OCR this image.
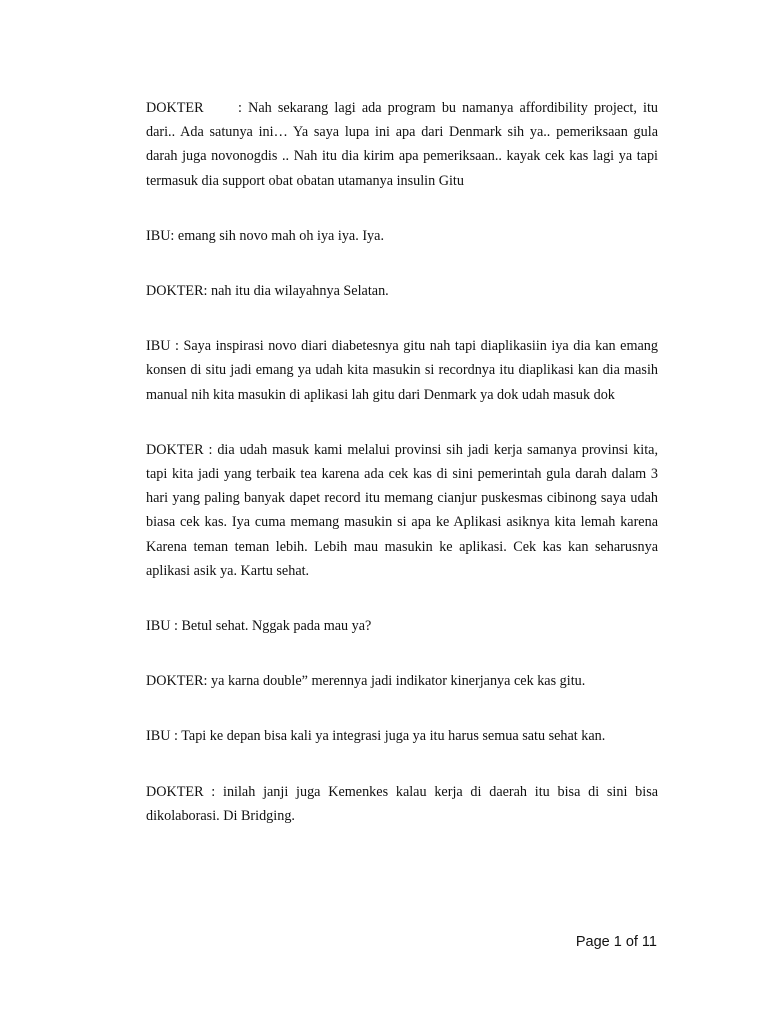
DOKTER : Nah sekarang lagi ada program bu namanya affordibility project, itu dari.. Ada satunya ini… Ya saya lupa ini apa dari Denmark sih ya.. pemeriksaan gula darah juga novonogdis .. Nah itu dia kirim apa pemeriksaan.. kayak cek kas lagi ya tapi termasuk dia support obat obatan utamanya insulin Gitu

IBU: emang sih novo mah oh iya iya. Iya.

DOKTER: nah itu dia wilayahnya Selatan.

IBU : Saya inspirasi novo diari diabetesnya gitu nah tapi diaplikasiin iya dia kan emang konsen di situ jadi emang ya udah kita masukin si recordnya itu diaplikasi kan dia masih manual nih kita masukin di aplikasi lah gitu dari Denmark ya dok udah masuk dok

DOKTER : dia udah masuk kami melalui provinsi sih jadi kerja samanya provinsi kita, tapi kita jadi yang terbaik tea karena ada cek kas di sini pemerintah gula darah dalam 3 hari yang paling banyak dapet record itu memang cianjur puskesmas cibinong saya udah biasa cek kas. Iya cuma memang masukin si apa ke Aplikasi asiknya kita lemah karena Karena teman teman lebih. Lebih mau masukin ke aplikasi. Cek kas kan seharusnya aplikasi asik ya. Kartu sehat.

IBU : Betul sehat. Nggak pada mau ya?

DOKTER: ya karna double” merennya jadi indikator kinerjanya cek kas gitu.

IBU : Tapi ke depan bisa kali ya integrasi juga ya itu harus semua satu sehat kan.

DOKTER : inilah janji juga Kemenkes kalau kerja di daerah itu bisa di sini bisa dikolaborasi. Di Bridging.

Page 1 of 11
